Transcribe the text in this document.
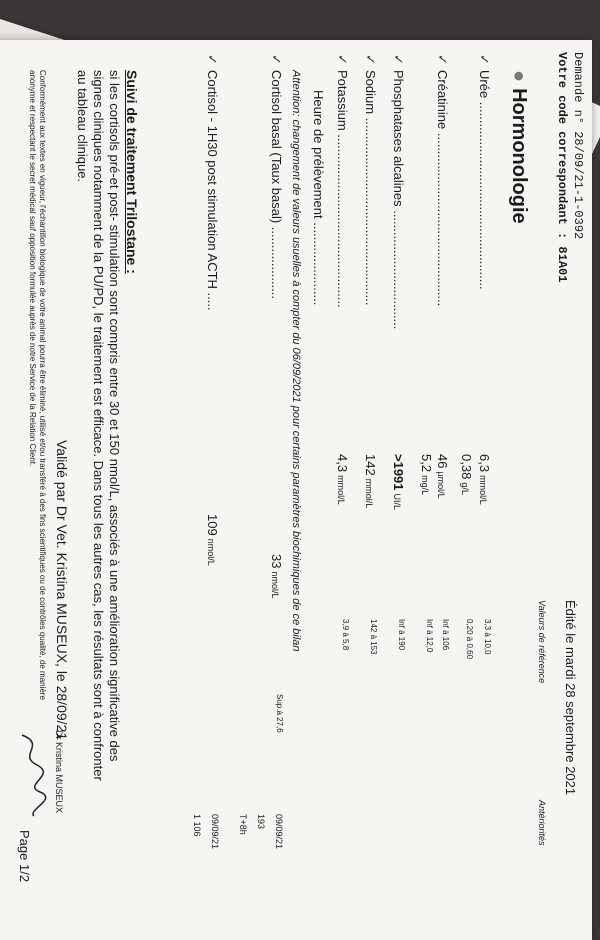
Demande n° 28/09/21-1-0392
Votre code correspondant : 81A01
Édité le mardi 28 septembre 2021
Valeurs de référence
Antériorités
●Hormonologie
✓
Urée ....................................................
6,3mmol/L
3,3 à 10,0
0,38g/L
0,20 à 0,60
✓
Créatinine ................................................
46µmol/L
Inf à 106
5,2mg/L
Inf à 12,0
✓
Phosphatases alcalines .................................
>1991UI/L
Inf à 190
✓
Sodium ....................................................
142mmol/L
142 à 153
✓
Potassium ................................................
4,3mmol/L
3,9 à 5,8
Heure de prélèvement .......................
Attention: changement de valeurs usuelles à compter du 06/09/2021 pour certains paramètres biochimiques de ce bilan
✓
Cortisol basal (Taux basal) ....................
33nmol/L
Sup.à 27,6
09/09/21
193
T+8h
✓
Cortisol - 1H30 post stimulation ACTH .....
109nmol/L
09/09/21
1 106
Suivi de traitement Trilostane :
si les cortisols pré-et post- stimulation sont compris entre 30 et 150 nmol/L, associés à une amélioration significative des signes cliniques notamment de la PU/PD, le traitement est efficace. Dans tous les autres cas, les résultats sont à confronter au tableau clinique.
Validé par Dr Vet. Kristina MUSEUX, le 28/09/21
Dr Kristina MUSEUX
Conformément aux textes en vigueur, l'échantillon biologique de votre animal pourra être éliminé, utilisé et/ou transféré à des fins scientifiques ou de contrôles qualité, de manière anonyme et respectant le secret médical sauf opposition formulée auprès de notre Service de la Relation Client.
Page 1/2
